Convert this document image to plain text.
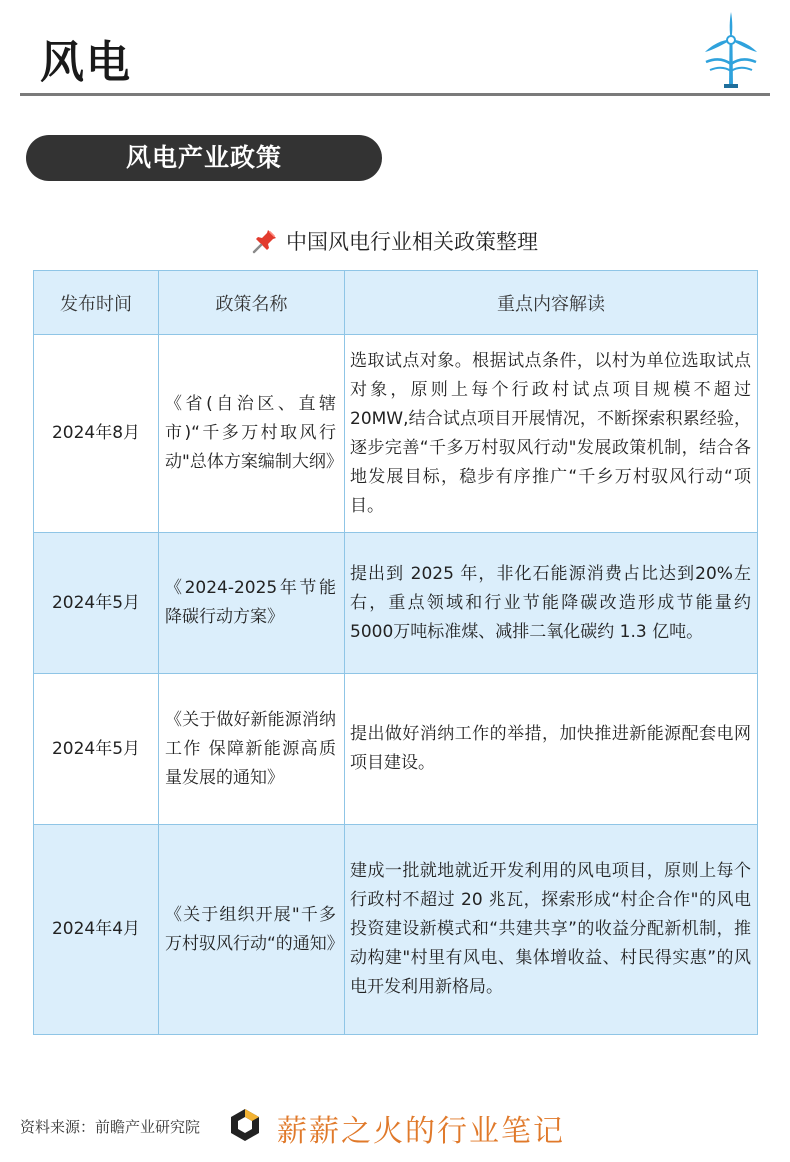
风电
风电产业政策
中国风电行业相关政策整理
发布时间	政策名称	重点内容解读
2024年8月	《省(自治区、直辖市)“千多万村取风行动"总体方案编制大纲》	选取试点对象。根据试点条件，以村为单位选取试点对象，原则上每个行政村试点项目规模不超过 20MW,结合试点项目开展情况，不断探索积累经验，逐步完善“千多万村驭风行动"发展政策机制，结合各地发展目标，稳步有序推广“千乡万村驭风行动“项目。
2024年5月	《2024-2025年节能降碳行动方案》	提出到 2025 年，非化石能源消费占比达到20%左右，重点领域和行业节能降碳改造形成节能量约 5000万吨标准煤、减排二氧化碳约 1.3 亿吨。
2024年5月	《关于做好新能源消纳工作 保障新能源高质量发展的通知》	提出做好消纳工作的举措，加快推进新能源配套电网项目建设。
2024年4月	《关于组织开展"千多万村驭风行动“的通知》	建成一批就地就近开发利用的风电项目，原则上每个行政村不超过 20 兆瓦，探索形成“村企合作"的风电投资建设新模式和“共建共享”的收益分配新机制，推动构建"村里有风电、集体增收益、村民得实惠”的风电开发利用新格局。
资料来源：前瞻产业研究院	薪薪之火的行业笔记
